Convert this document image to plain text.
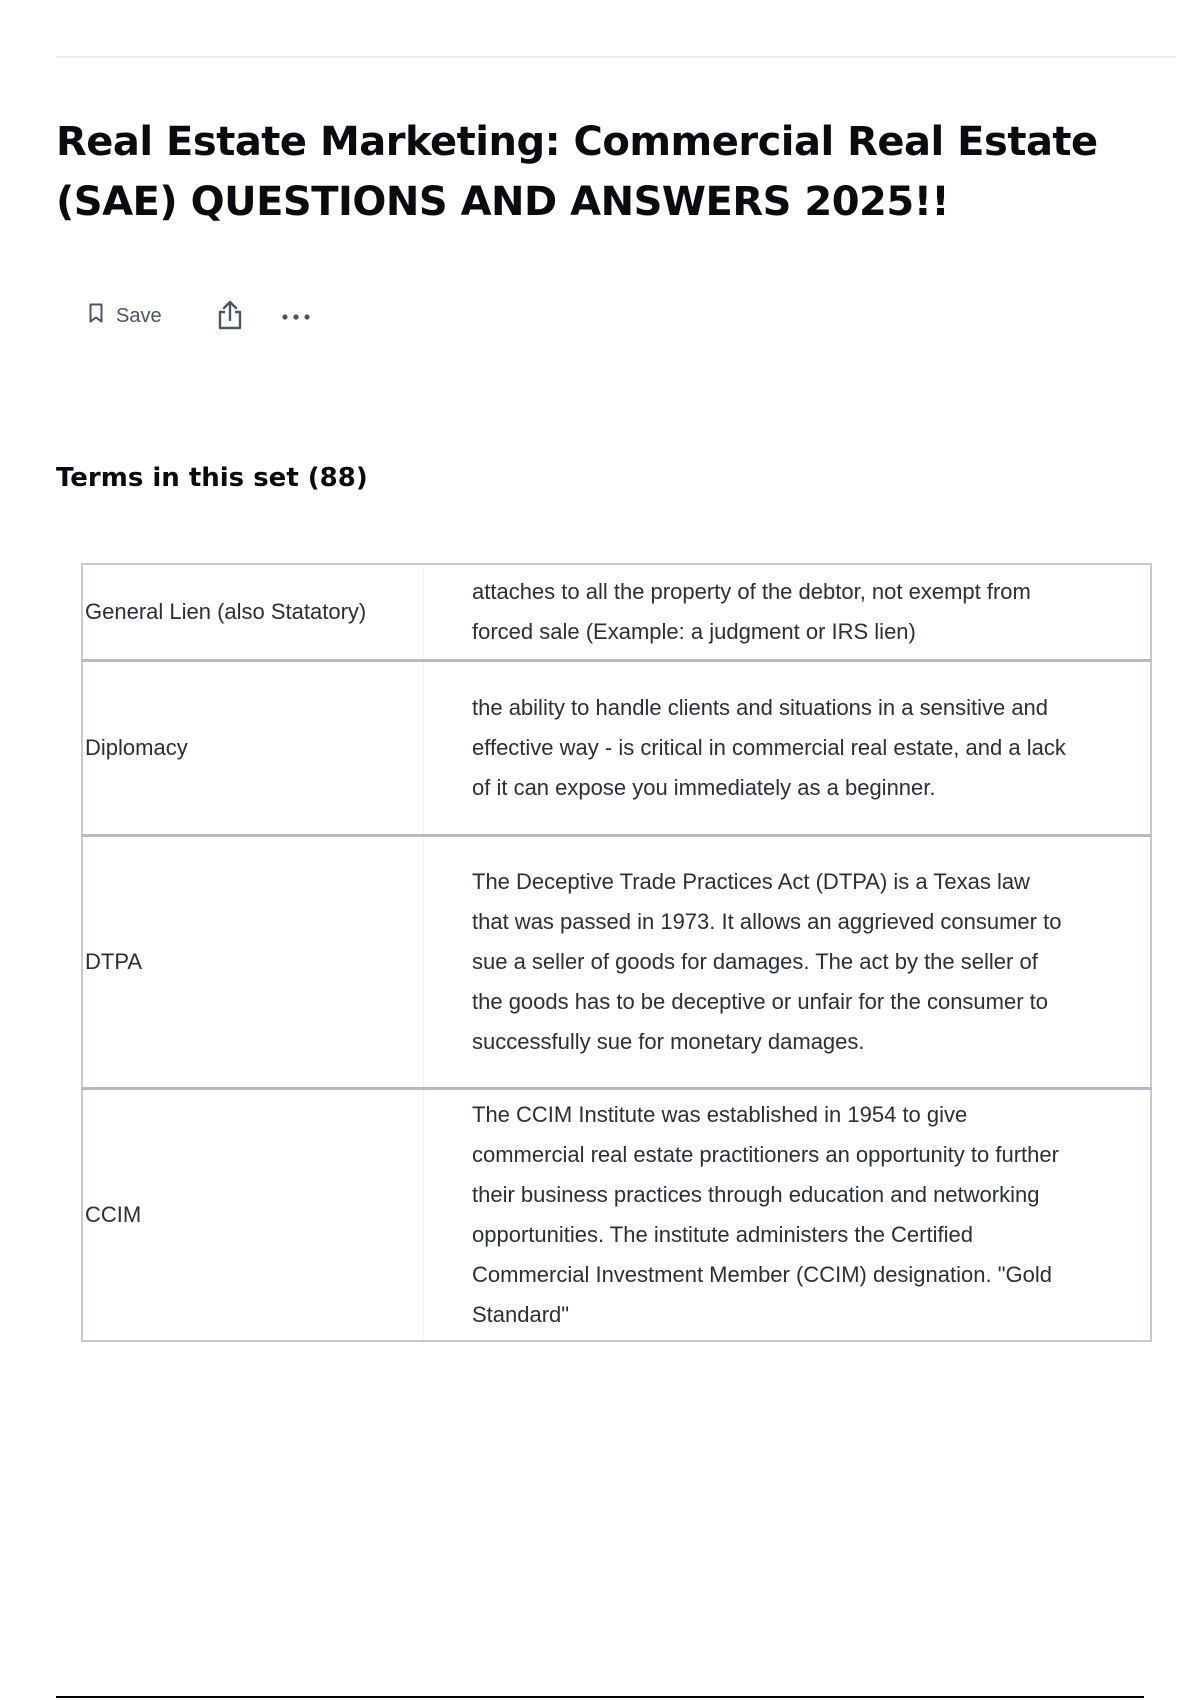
Real Estate Marketing: Commercial Real Estate (SAE) QUESTIONS AND ANSWERS 2025!!
Save
Terms in this set (88)
General Lien (also Statatory)	attaches to all the property of the debtor, not exempt from forced sale (Example: a judgment or IRS lien)
Diplomacy	the ability to handle clients and situations in a sensitive and effective way - is critical in commercial real estate, and a lack of it can expose you immediately as a beginner.
DTPA	The Deceptive Trade Practices Act (DTPA) is a Texas law that was passed in 1973. It allows an aggrieved consumer to sue a seller of goods for damages. The act by the seller of the goods has to be deceptive or unfair for the consumer to successfully sue for monetary damages.
CCIM	The CCIM Institute was established in 1954 to give commercial real estate practitioners an opportunity to further their business practices through education and networking opportunities. The institute administers the Certified Commercial Investment Member (CCIM) designation. "Gold Standard"
